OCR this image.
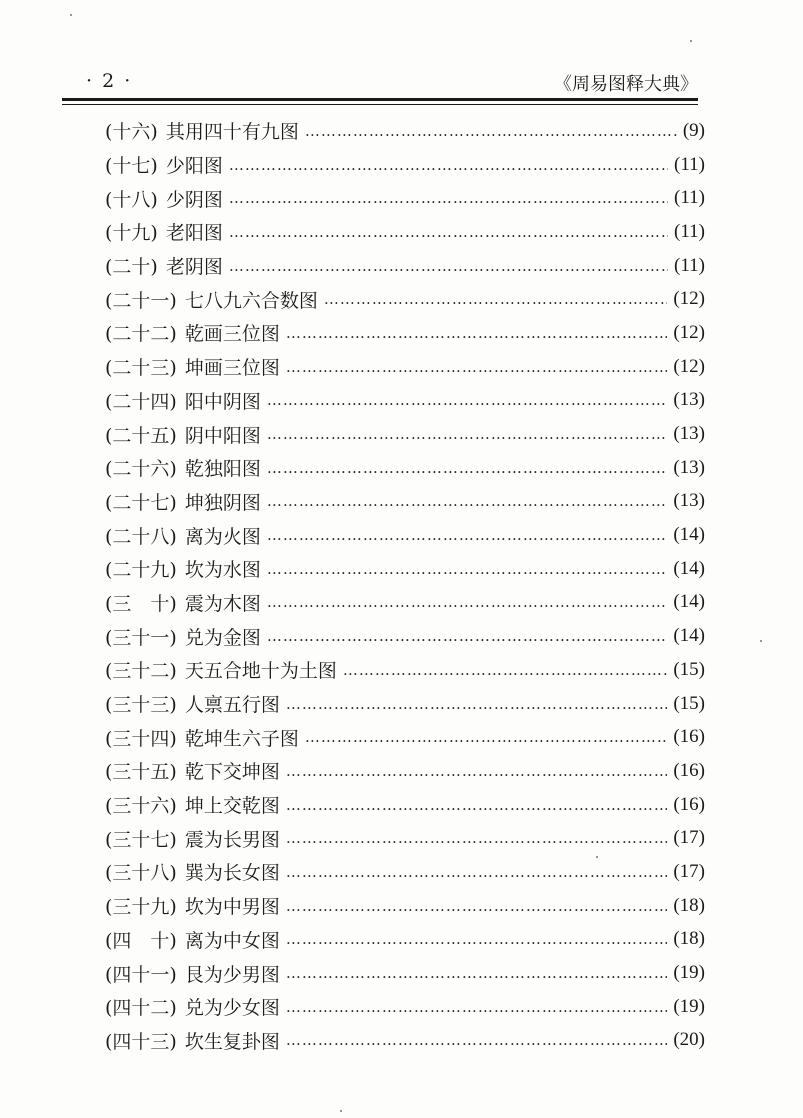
· 2 ·	《周易图释大典》
(十六) 其用四十有九图 …………………………………………………………………………………………………………………………………………	(9)
(十七) 少阳图 …………………………………………………………………………………………………………………………………………	(11)
(十八) 少阴图 …………………………………………………………………………………………………………………………………………	(11)
(十九) 老阳图 …………………………………………………………………………………………………………………………………………	(11)
(二十) 老阴图 …………………………………………………………………………………………………………………………………………	(11)
(二十一) 七八九六合数图 …………………………………………………………………………………………………………………………………………	(12)
(二十二) 乾画三位图 …………………………………………………………………………………………………………………………………………	(12)
(二十三) 坤画三位图 …………………………………………………………………………………………………………………………………………	(12)
(二十四) 阳中阴图 …………………………………………………………………………………………………………………………………………	(13)
(二十五) 阴中阳图 …………………………………………………………………………………………………………………………………………	(13)
(二十六) 乾独阳图 …………………………………………………………………………………………………………………………………………	(13)
(二十七) 坤独阴图 …………………………………………………………………………………………………………………………………………	(13)
(二十八) 离为火图 …………………………………………………………………………………………………………………………………………	(14)
(二十九) 坎为水图 …………………………………………………………………………………………………………………………………………	(14)
(三　十) 震为木图 …………………………………………………………………………………………………………………………………………	(14)
(三十一) 兑为金图 …………………………………………………………………………………………………………………………………………	(14)
(三十二) 天五合地十为土图 …………………………………………………………………………………………………………………………………………	(15)
(三十三) 人禀五行图 …………………………………………………………………………………………………………………………………………	(15)
(三十四) 乾坤生六子图 …………………………………………………………………………………………………………………………………………	(16)
(三十五) 乾下交坤图 …………………………………………………………………………………………………………………………………………	(16)
(三十六) 坤上交乾图 …………………………………………………………………………………………………………………………………………	(16)
(三十七) 震为长男图 …………………………………………………………………………………………………………………………………………	(17)
(三十八) 巽为长女图 …………………………………………………………………………………………………………………………………………	(17)
(三十九) 坎为中男图 …………………………………………………………………………………………………………………………………………	(18)
(四　十) 离为中女图 …………………………………………………………………………………………………………………………………………	(18)
(四十一) 艮为少男图 …………………………………………………………………………………………………………………………………………	(19)
(四十二) 兑为少女图 …………………………………………………………………………………………………………………………………………	(19)
(四十三) 坎生复卦图 …………………………………………………………………………………………………………………………………………	(20)
